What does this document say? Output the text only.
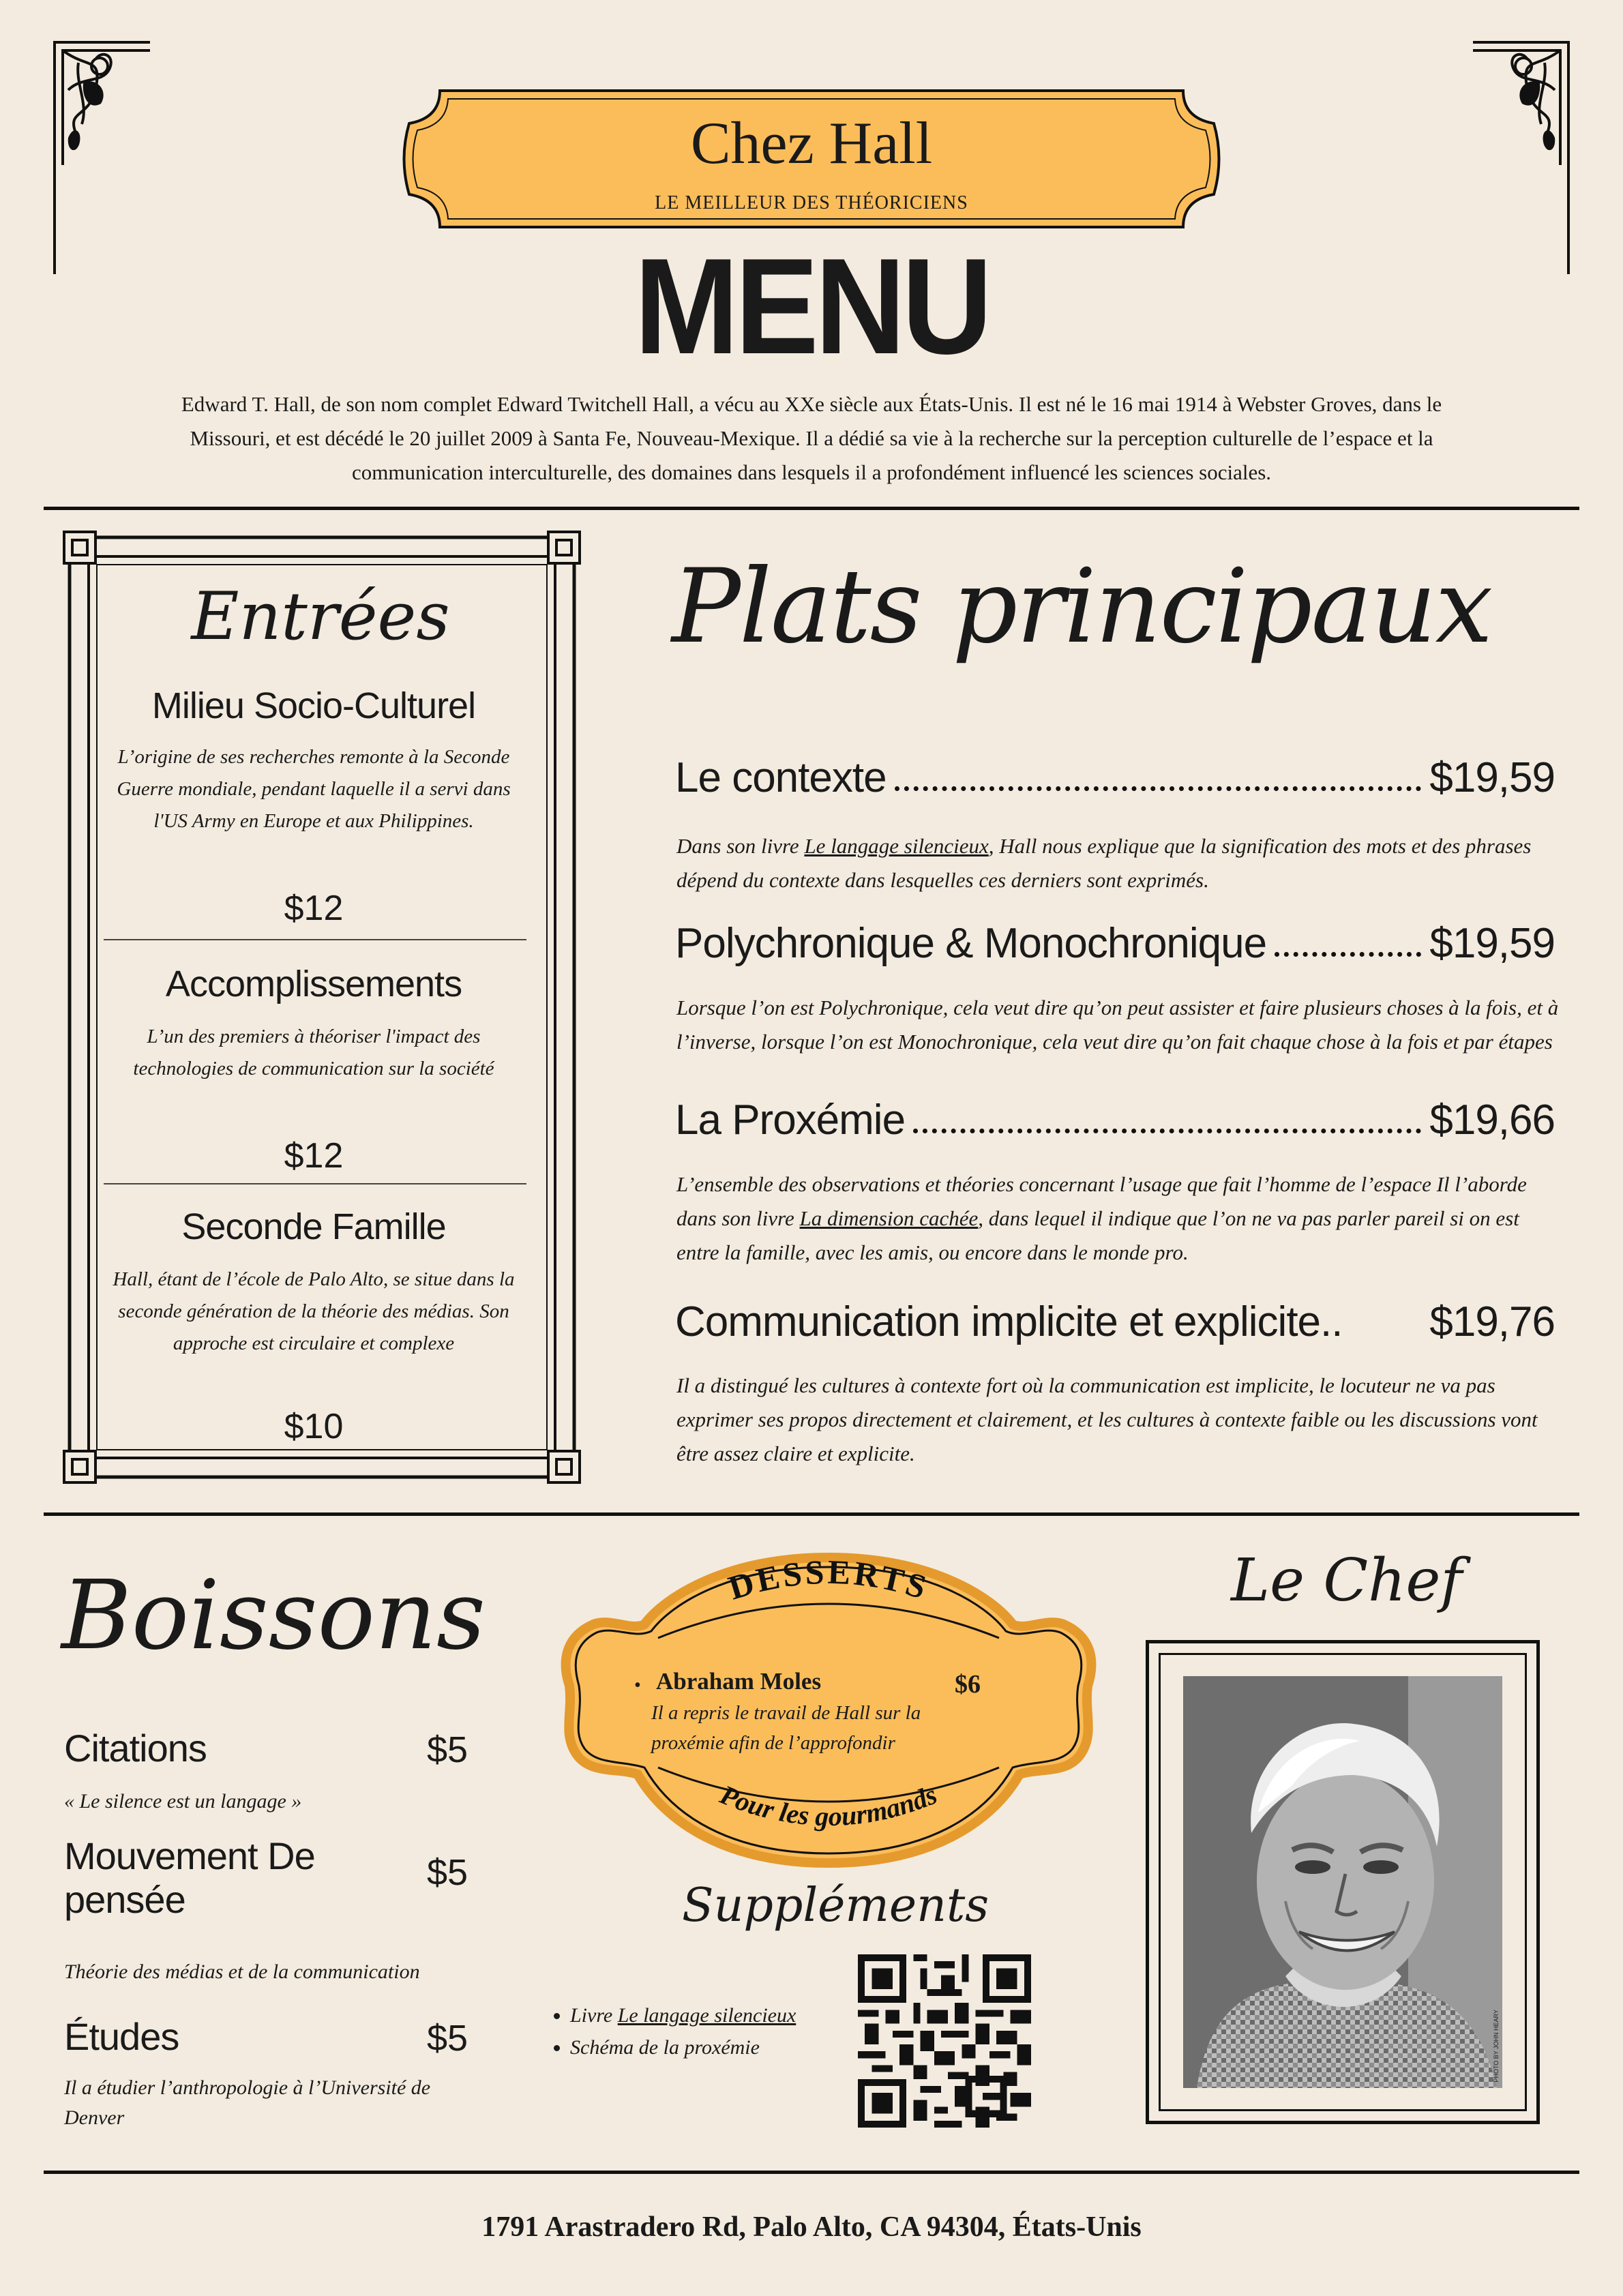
Chez Hall
LE MEILLEUR DES THÉORICIENS
MENU
Edward T. Hall, de son nom complet Edward Twitchell Hall, a vécu au XXe siècle aux États-Unis. Il est né le 16 mai 1914 à Webster Groves, dans le Missouri, et est décédé le 20 juillet 2009 à Santa Fe, Nouveau-Mexique. Il a dédié sa vie à la recherche sur la perception culturelle de l’espace et la communication interculturelle, des domaines dans lesquels il a profondément influencé les sciences sociales.
Entrées
Milieu Socio-Culturel
L’origine de ses recherches remonte à la Seconde Guerre mondiale, pendant laquelle il a servi dans l'US Army en Europe et aux Philippines.
$12
Accomplissements
L’un des premiers à théoriser l'impact des technologies de communication sur la société
$12
Seconde Famille
Hall, étant de l’école de Palo Alto, se situe dans la seconde génération de la théorie des médias. Son approche est circulaire et complexe
$10
Plats principaux
Le contexte	$19,59
Dans son livre Le langage silencieux, Hall nous explique que la signification des mots et des phrases dépend du contexte dans lesquelles ces derniers sont exprimés.
Polychronique & Monochronique	$19,59
Lorsque l’on est Polychronique, cela veut dire qu’on peut assister et faire plusieurs choses à la fois, et à l’inverse, lorsque l’on est Monochronique, cela veut dire qu’on fait chaque chose à la fois et par étapes
La Proxémie	$19,66
L’ensemble des observations et théories concernant l’usage que fait l’homme de l’espace Il l’aborde dans son livre La dimension cachée, dans lequel il indique que l’on ne va pas parler pareil si on est entre la famille, avec les amis, ou encore dans le monde pro.
Communication implicite et explicite.. $19,76
Il a distingué les cultures à contexte fort où la communication est implicite, le locuteur ne va pas exprimer ses propos directement et clairement, et les cultures à contexte faible ou les discussions vont être assez claire et explicite.
Boissons
Citations	$5
« Le silence est un langage »
Mouvement De pensée
$5
Théorie des médias et de la communication
Études	$5
Il a étudier l’anthropologie à l’Université de Denver
DESSERTS
Pour les gourmands
• Abraham Moles	$6
Il a repris le travail de Hall sur la proxémie afin de l’approfondir
Suppléments
• Livre Le langage silencieux
• Schéma de la proxémie
Le Chef
PHOTO BY JOHN HEARY
1791 Arastradero Rd, Palo Alto, CA 94304, États-Unis
